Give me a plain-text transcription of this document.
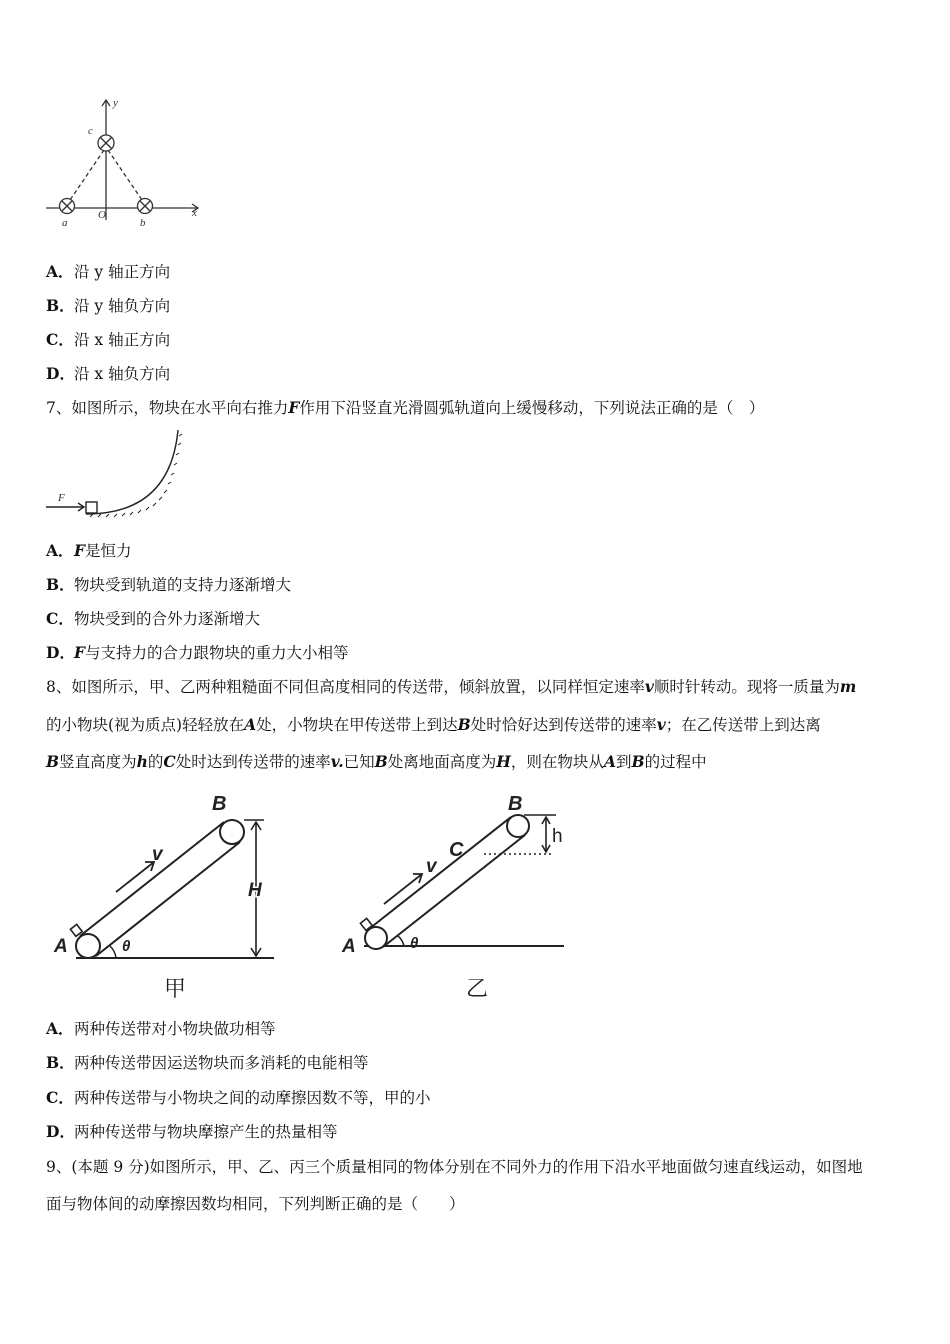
y
x
O
c
a	b
A．沿 y 轴正方向
B．沿 y 轴负方向
C．沿 x 轴正方向
D．沿 x 轴负方向
7、如图所示，物块在水平向右推力F作用下沿竖直光滑圆弧轨道向上缓慢移动，下列说法正确的是（　）
F
A．F是恒力
B．物块受到轨道的支持力逐渐增大
C．物块受到的合外力逐渐增大
D．F与支持力的合力跟物块的重力大小相等
8、如图所示，甲、乙两种粗糙面不同但高度相同的传送带，倾斜放置，以同样恒定速率v顺时针转动。现将一质量为m
的小物块(视为质点)轻轻放在A处，小物块在甲传送带上到达B处时恰好达到传送带的速率v；在乙传送带上到达离
B竖直高度为h的C处时达到传送带的速率v.已知B处离地面高度为H，则在物块从A到B的过程中
B
A
v
H
θ
甲
B
C
A
v
h
θ
乙
A．两种传送带对小物块做功相等
B．两种传送带因运送物块而多消耗的电能相等
C．两种传送带与小物块之间的动摩擦因数不等，甲的小
D．两种传送带与物块摩擦产生的热量相等
9、(本题 9 分)如图所示，甲、乙、丙三个质量相同的物体分别在不同外力的作用下沿水平地面做匀速直线运动，如图地
面与物体间的动摩擦因数均相同，下列判断正确的是（　　）
